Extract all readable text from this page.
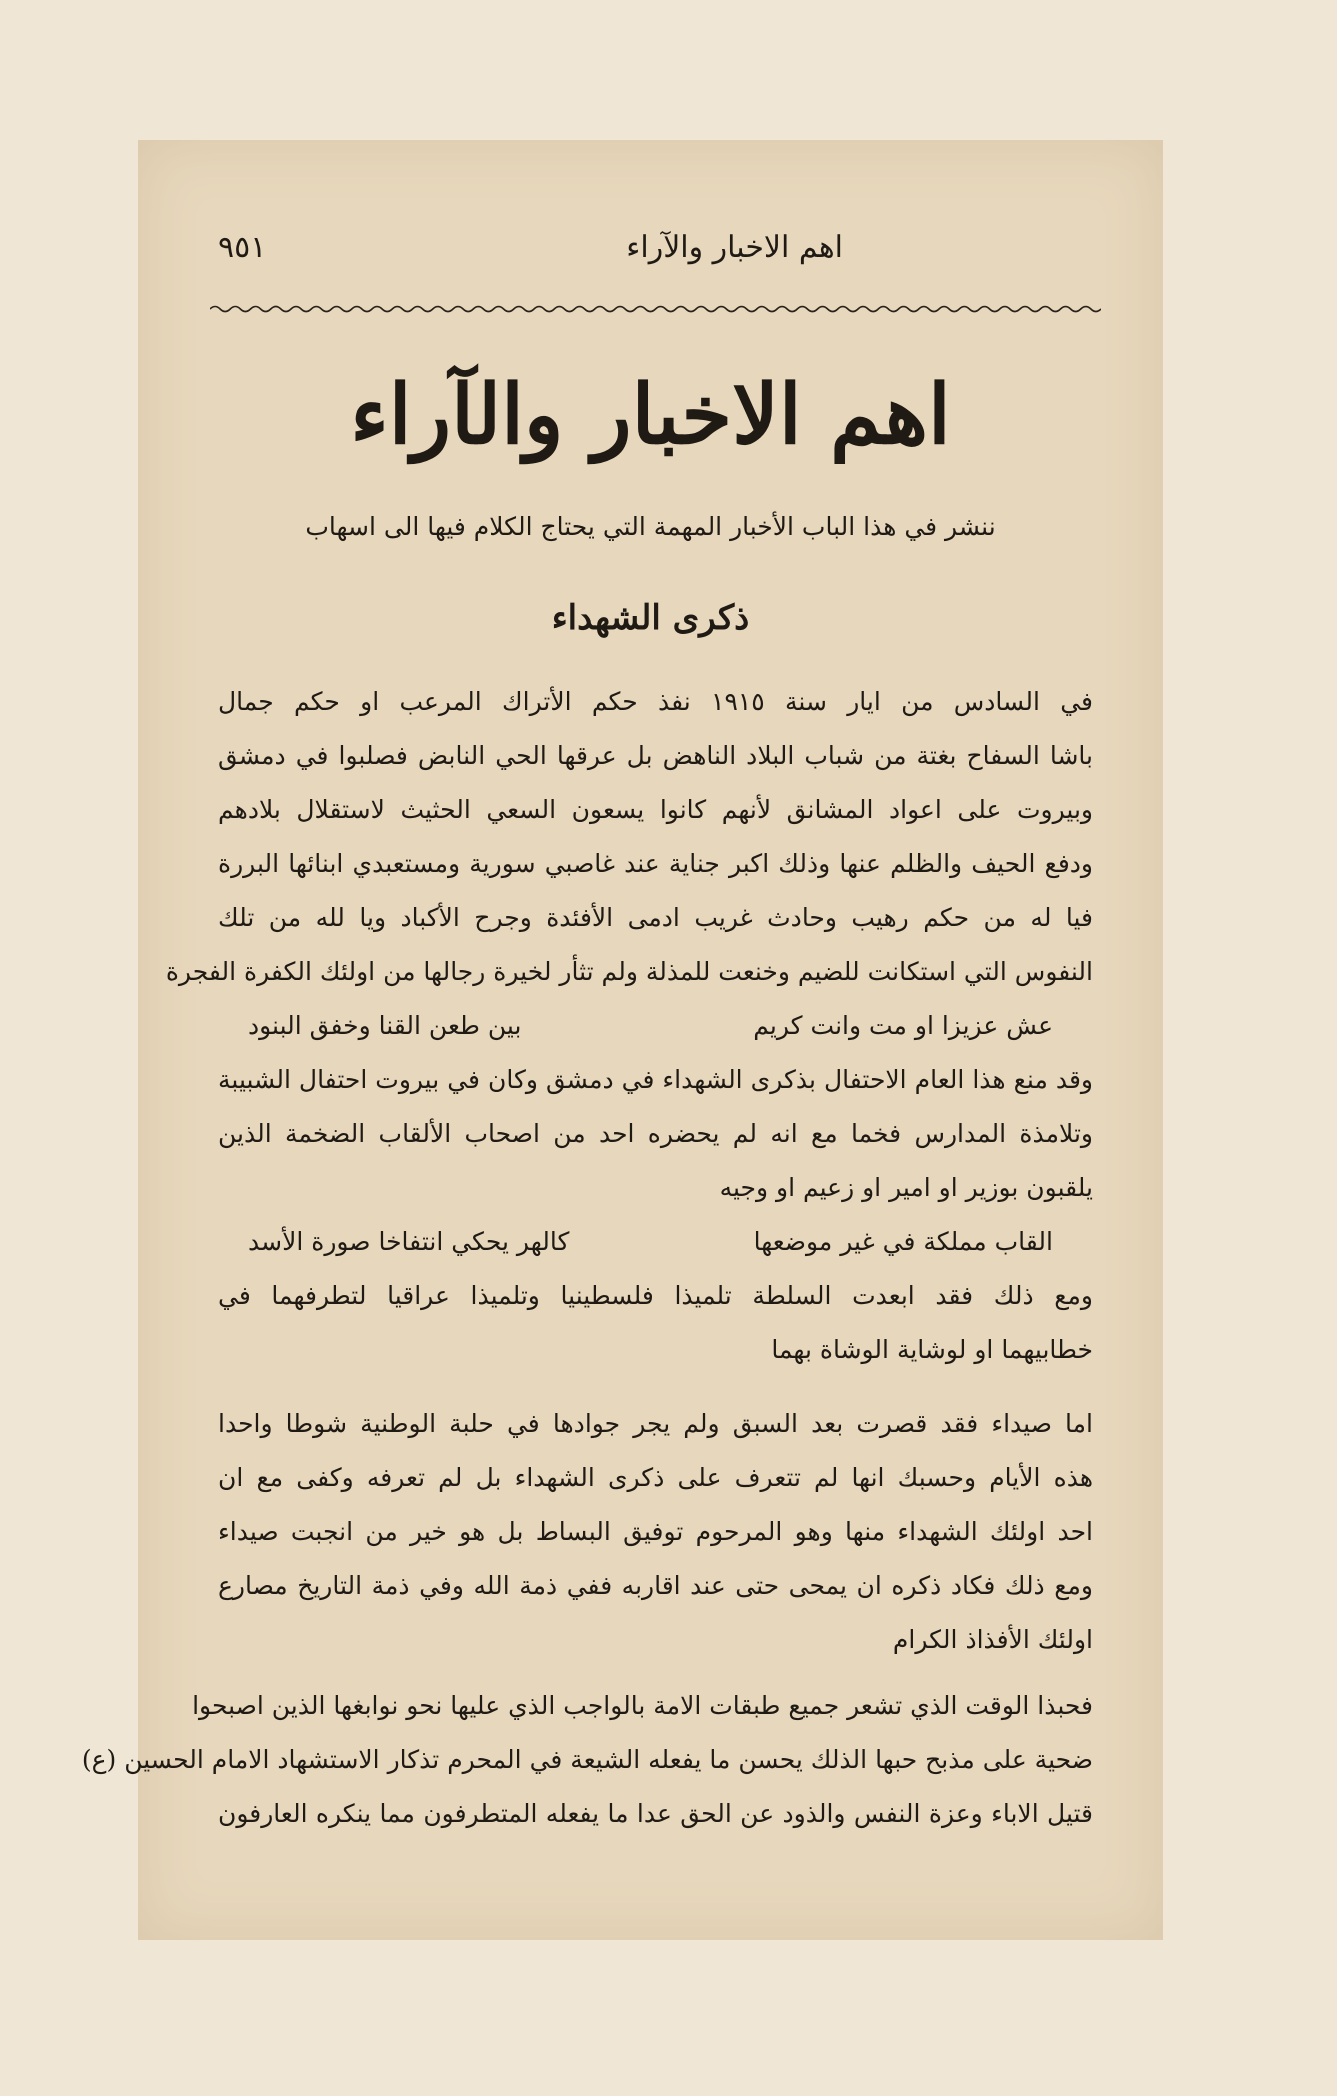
٩٥١	اهم الاخبار والآراء
اهم الاخبار والآراء
ننشر في هذا الباب الأخبار المهمة التي يحتاج الكلام فيها الى اسهاب
ذكرى الشهداء
في السادس من ايار سنة ١٩١٥ نفذ حكم الأتراك المرعب او حكم جمال
باشا السفاح بغتة من شباب البلاد الناهض بل عرقها الحي النابض فصلبوا في دمشق
وبيروت على اعواد المشانق لأنهم كانوا يسعون السعي الحثيث لاستقلال بلادهم
ودفع الحيف والظلم عنها وذلك اكبر جناية عند غاصبي سورية ومستعبدي ابنائها البررة
فيا له من حكم رهيب وحادث غريب ادمى الأفئدة وجرح الأكباد ويا لله من تلك
النفوس التي استكانت للضيم وخنعت للمذلة ولم تثأر لخيرة رجالها من اولئك الكفرة الفجرة
عش عزيزا او مت وانت كريم
بين طعن القنا وخفق البنود
وقد منع هذا العام الاحتفال بذكرى الشهداء في دمشق وكان في بيروت احتفال الشبيبة
وتلامذة المدارس فخما مع انه لم يحضره احد من اصحاب الألقاب الضخمة الذين
يلقبون بوزير او امير او زعيم او وجيه
القاب مملكة في غير موضعها
كالهر يحكي انتفاخا صورة الأسد
ومع ذلك فقد ابعدت السلطة تلميذا فلسطينيا وتلميذا عراقيا لتطرفهما في
خطابيهما او لوشاية الوشاة بهما
اما صيداء فقد قصرت بعد السبق ولم يجر جوادها في حلبة الوطنية شوطا واحدا
هذه الأيام وحسبك انها لم تتعرف على ذكرى الشهداء بل لم تعرفه وكفى مع ان
احد اولئك الشهداء منها وهو المرحوم توفيق البساط بل هو خير من انجبت صيداء
ومع ذلك فكاد ذكره ان يمحى حتى عند اقاربه ففي ذمة الله وفي ذمة التاريخ مصارع
اولئك الأفذاذ الكرام
فحبذا الوقت الذي تشعر جميع طبقات الامة بالواجب الذي عليها نحو نوابغها الذين اصبحوا
ضحية على مذبح حبها الذلك يحسن ما يفعله الشيعة في المحرم تذكار الاستشهاد الامام الحسين (ع)
قتيل الاباء وعزة النفس والذود عن الحق عدا ما يفعله المتطرفون مما ينكره العارفون
